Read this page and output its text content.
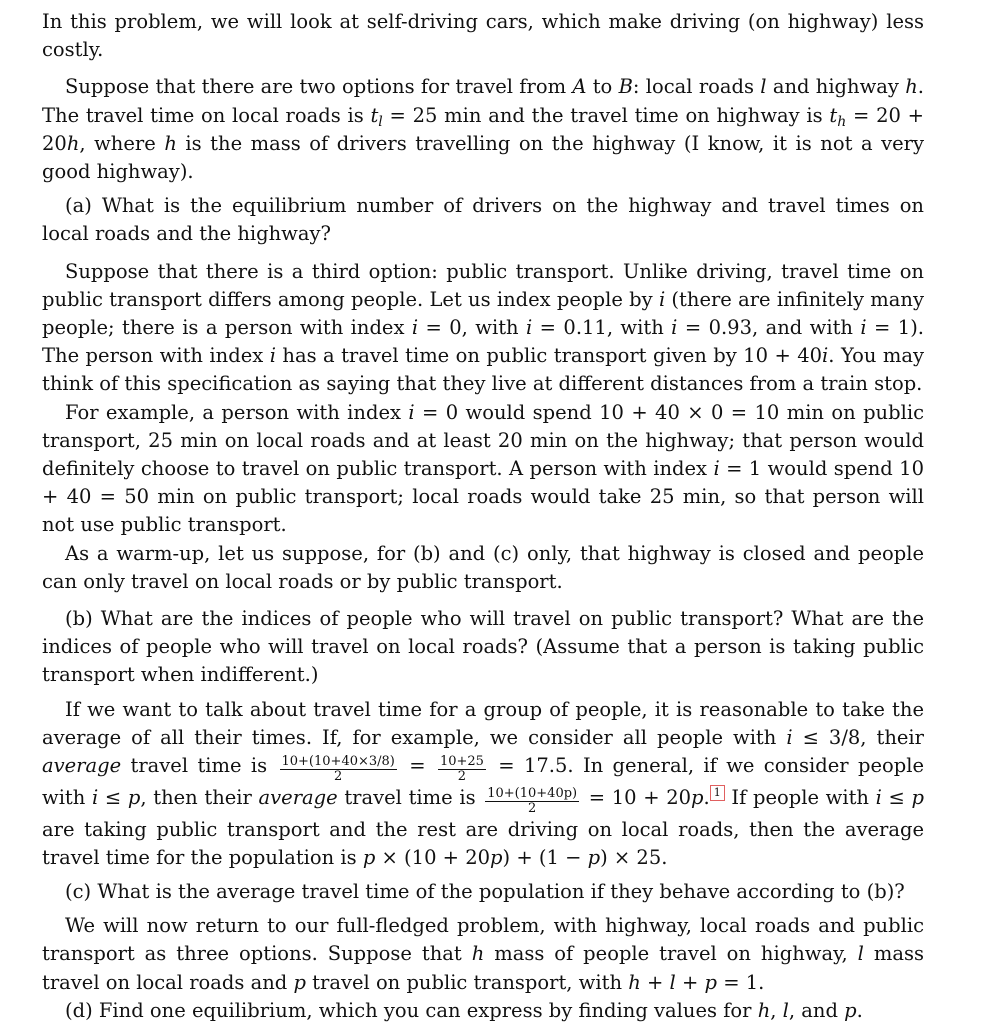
In this problem, we will look at self-driving cars, which make driving (on highway) less costly.

Suppose that there are two options for travel from A to B: local roads l and highway h. The travel time on local roads is $t_l = 25$ min and the travel time on highway is $t_h = 20 + 20h$, where h is the mass of drivers travelling on the highway (I know, it is not a very good highway).

(a) What is the equilibrium number of drivers on the highway and travel times on local roads and the highway?

Suppose that there is a third option: public transport. Unlike driving, travel time on public transport differs among people. Let us index people by i (there are infinitely many people; there is a person with index i = 0, with i = 0.11, with i = 0.93, and with i = 1). The person with index i has a travel time on public transport given by 10 + 40i. You may think of this specification as saying that they live at different distances from a train stop.

For example, a person with index i = 0 would spend 10 + 40 × 0 = 10 min on public transport, 25 min on local roads and at least 20 min on the highway; that person would definitely choose to travel on public transport. A person with index i = 1 would spend 10 + 40 = 50 min on public transport; local roads would take 25 min, so that person will not use public transport.

As a warm-up, let us suppose, for (b) and (c) only, that highway is closed and people can only travel on local roads or by public transport.

(b) What are the indices of people who will travel on public transport? What are the indices of people who will travel on local roads? (Assume that a person is taking public transport when indifferent.)

If we want to talk about travel time for a group of people, it is reasonable to take the average of all their times. If, for example, we consider all people with i ≤ 3/8, their average travel time is $\frac{10+(10+40\times 3/8)}{2} = \frac{10+25}{2} = 17.5$. In general, if we consider people with i ≤ p, then their average travel time is $\frac{10+(10+40p)}{2} = 10 + 20p$. 1 If people with i ≤ p are taking public transport and the rest are driving on local roads, then the average travel time for the population is p × (10 + 20p) + (1 − p) × 25.

(c) What is the average travel time of the population if they behave according to (b)?

We will now return to our full-fledged problem, with highway, local roads and public transport as three options. Suppose that h mass of people travel on highway, l mass travel on local roads and p travel on public transport, with h + l + p = 1.

(d) Find one equilibrium, which you can express by finding values for h, l, and p.
